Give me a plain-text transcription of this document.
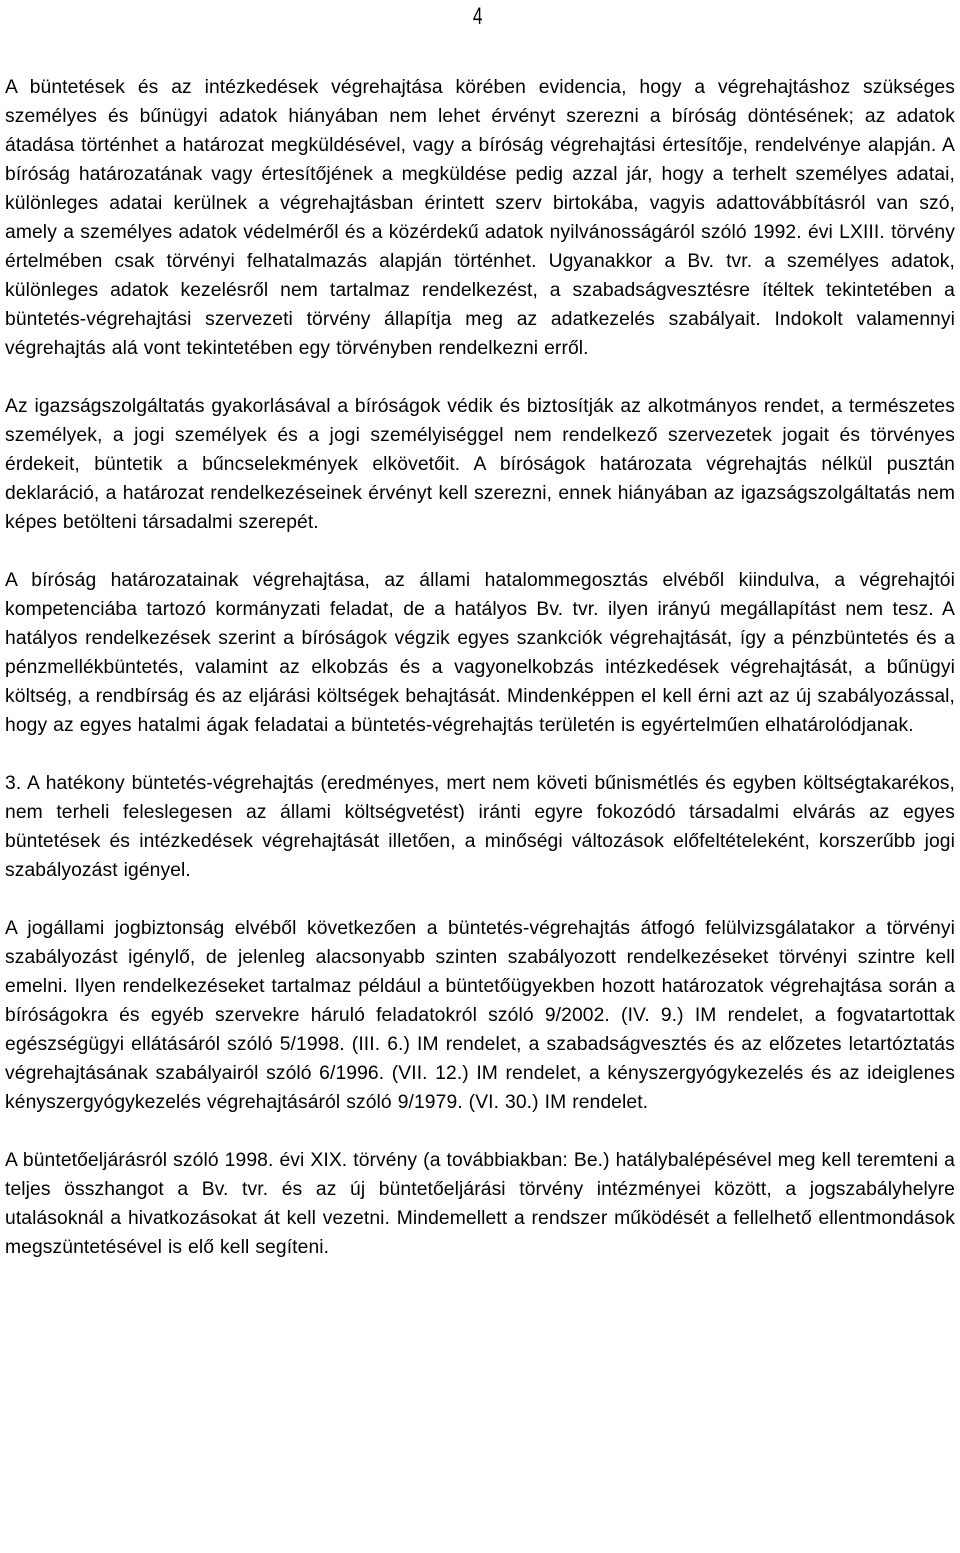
4

A büntetések és az intézkedések végrehajtása körében evidencia, hogy a végrehajtáshoz szükséges személyes és bűnügyi adatok hiányában nem lehet érvényt szerezni a bíróság döntésének; az adatok átadása történhet a határozat megküldésével, vagy a bíróság végrehajtási értesítője, rendelvénye alapján. A bíróság határozatának vagy értesítőjének a megküldése pedig azzal jár, hogy a terhelt személyes adatai, különleges adatai kerülnek a végrehajtásban érintett szerv birtokába, vagyis adattovábbításról van szó, amely a személyes adatok védelméről és a közérdekű adatok nyilvánosságáról szóló 1992. évi LXIII. törvény értelmében csak törvényi felhatalmazás alapján történhet. Ugyanakkor a Bv. tvr. a személyes adatok, különleges adatok kezelésről nem tartalmaz rendelkezést, a szabadságvesztésre ítéltek tekintetében a büntetés-végrehajtási szervezeti törvény állapítja meg az adatkezelés szabályait. Indokolt valamennyi végrehajtás alá vont tekintetében egy törvényben rendelkezni erről.

Az igazságszolgáltatás gyakorlásával a bíróságok védik és biztosítják az alkotmányos rendet, a természetes személyek, a jogi személyek és a jogi személyiséggel nem rendelkező szervezetek jogait és törvényes érdekeit, büntetik a bűncselekmények elkövetőit. A bíróságok határozata végrehajtás nélkül pusztán deklaráció, a határozat rendelkezéseinek érvényt kell szerezni, ennek hiányában az igazságszolgáltatás nem képes betölteni társadalmi szerepét.

A bíróság határozatainak végrehajtása, az állami hatalommegosztás elvéből kiindulva, a végrehajtói kompetenciába tartozó kormányzati feladat, de a hatályos Bv. tvr. ilyen irányú megállapítást nem tesz. A hatályos rendelkezések szerint a bíróságok végzik egyes szankciók végrehajtását, így a pénzbüntetés és a pénzmellékbüntetés, valamint az elkobzás és a vagyonelkobzás intézkedések végrehajtását, a bűnügyi költség, a rendbírság és az eljárási költségek behajtását. Mindenképpen el kell érni azt az új szabályozással, hogy az egyes hatalmi ágak feladatai a büntetés-végrehajtás területén is egyértelműen elhatárolódjanak.

3. A hatékony büntetés-végrehajtás (eredményes, mert nem követi bűnismétlés és egyben költségtakarékos, nem terheli feleslegesen az állami költségvetést) iránti egyre fokozódó társadalmi elvárás az egyes büntetések és intézkedések végrehajtását illetően, a minőségi változások előfeltételeként, korszerűbb jogi szabályozást igényel.

A jogállami jogbiztonság elvéből következően a büntetés-végrehajtás átfogó felülvizsgálatakor a törvényi szabályozást igénylő, de jelenleg alacsonyabb szinten szabályozott rendelkezéseket törvényi szintre kell emelni. Ilyen rendelkezéseket tartalmaz például a büntetőügyekben hozott határozatok végrehajtása során a bíróságokra és egyéb szervekre háruló feladatokról szóló 9/2002. (IV. 9.) IM rendelet, a fogvatartottak egészségügyi ellátásáról szóló 5/1998. (III. 6.) IM rendelet, a szabadságvesztés és az előzetes letartóztatás végrehajtásának szabályairól szóló 6/1996. (VII. 12.) IM rendelet, a kényszergyógykezelés és az ideiglenes kényszergyógykezelés végrehajtásáról szóló 9/1979. (VI. 30.) IM rendelet.

A büntetőeljárásról szóló 1998. évi XIX. törvény (a továbbiakban: Be.) hatálybalépésével meg kell teremteni a teljes összhangot a Bv. tvr. és az új büntetőeljárási törvény intézményei között, a jogszabályhelyre utalásoknál a hivatkozásokat át kell vezetni. Mindemellett a rendszer működését a fellelhető ellentmondások megszüntetésével is elő kell segíteni.
